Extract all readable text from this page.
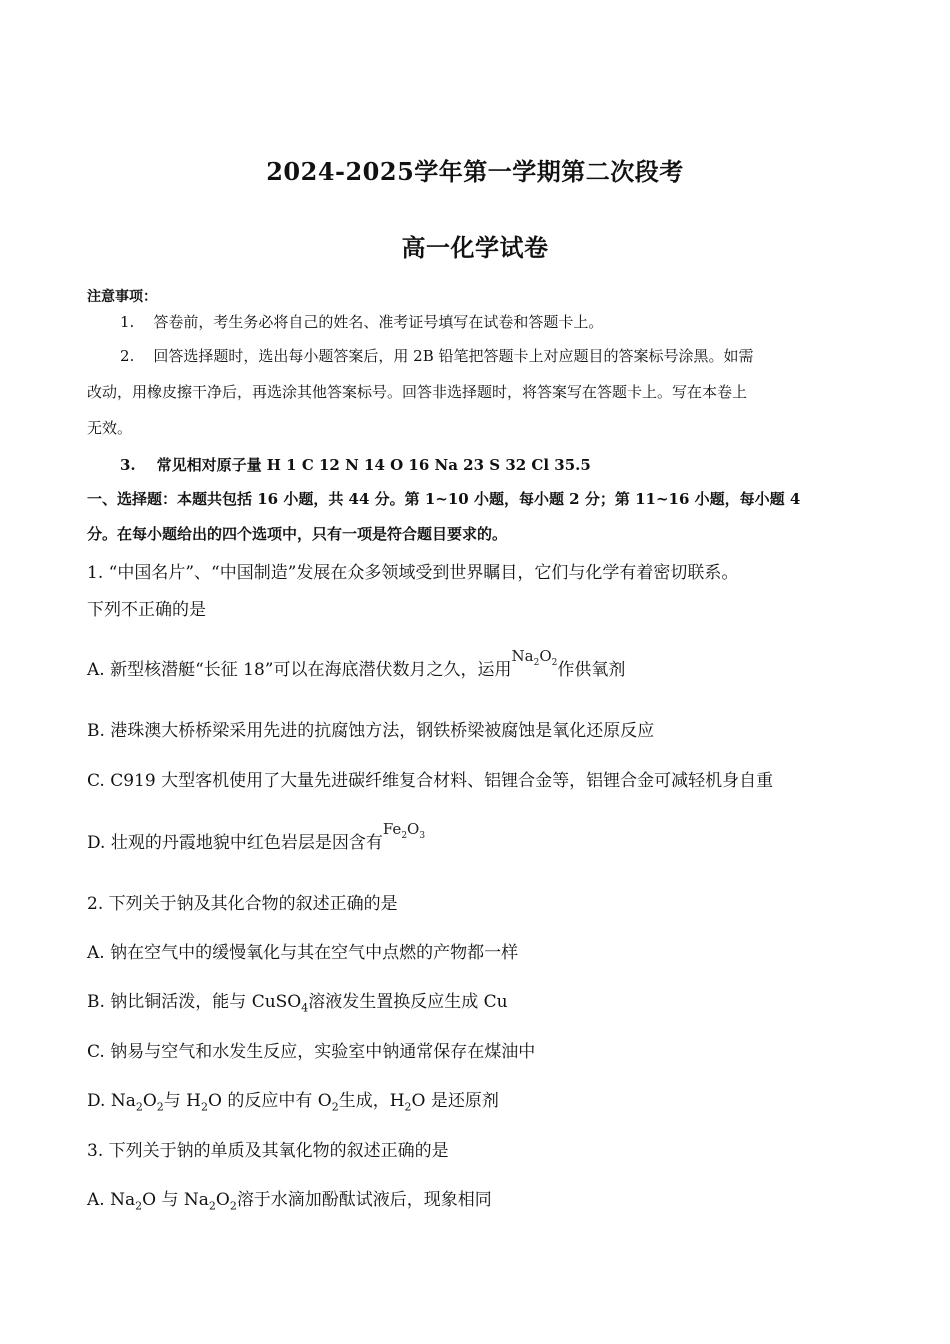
2024-2025学年第一学期第二次段考
高一化学试卷
注意事项：
1. 答卷前，考生务必将自己的姓名、准考证号填写在试卷和答题卡上。
2. 回答选择题时，选出每小题答案后，用 2B 铅笔把答题卡上对应题目的答案标号涂黑。如需
改动，用橡皮擦干净后，再选涂其他答案标号。回答非选择题时，将答案写在答题卡上。写在本卷上
无效。
3. 常见相对原子量 H 1 C 12 N 14 O 16 Na 23 S 32 Cl 35.5
一、选择题：本题共包括 16 小题，共 44 分。第 1~10 小题，每小题 2 分；第 11~16 小题，每小题 4
分。在每小题给出的四个选项中，只有一项是符合题目要求的。
1. “中国名片”、“中国制造”发展在众多领域受到世界瞩目，它们与化学有着密切联系。
下列不正确的是
A. 新型核潜艇“长征 18”可以在海底潜伏数月之久，运用$Na_2O_2$作供氧剂
B. 港珠澳大桥桥梁采用先进的抗腐蚀方法，钢铁桥梁被腐蚀是氧化还原反应
C. C919 大型客机使用了大量先进碳纤维复合材料、铝锂合金等，铝锂合金可减轻机身自重
D. 壮观的丹霞地貌中红色岩层是因含有$Fe_2O_3$
2. 下列关于钠及其化合物的叙述正确的是
A. 钠在空气中的缓慢氧化与其在空气中点燃的产物都一样
B. 钠比铜活泼，能与 CuSO$_4$溶液发生置换反应生成 Cu
C. 钠易与空气和水发生反应，实验室中钠通常保存在煤油中
D. $Na_2O_2$与 $H_2O$ 的反应中有 $O_2$生成，$H_2O$ 是还原剂
3. 下列关于钠的单质及其氧化物的叙述正确的是
A. $Na_2O$ 与 $Na_2O_2$溶于水滴加酚酞试液后，现象相同
